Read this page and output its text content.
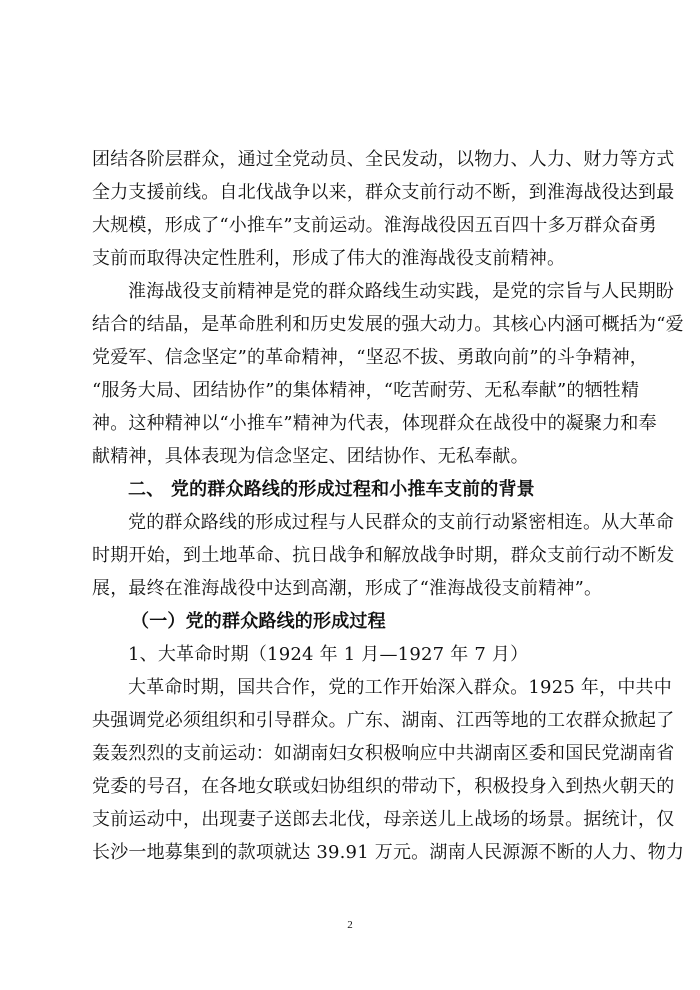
团结各阶层群众，通过全党动员、全民发动，以物力、人力、财力等方式
全力支援前线。自北伐战争以来，群众支前行动不断，到淮海战役达到最
大规模，形成了“小推车”支前运动。淮海战役因五百四十多万群众奋勇
支前而取得决定性胜利，形成了伟大的淮海战役支前精神。
淮海战役支前精神是党的群众路线生动实践，是党的宗旨与人民期盼
结合的结晶，是革命胜利和历史发展的强大动力。其核心内涵可概括为“爱
党爱军、信念坚定”的革命精神，“坚忍不拔、勇敢向前”的斗争精神，
“服务大局、团结协作”的集体精神，“吃苦耐劳、无私奉献”的牺牲精
神。这种精神以“小推车”精神为代表，体现群众在战役中的凝聚力和奉
献精神，具体表现为信念坚定、团结协作、无私奉献。
二、 党的群众路线的形成过程和小推车支前的背景
党的群众路线的形成过程与人民群众的支前行动紧密相连。从大革命
时期开始，到土地革命、抗日战争和解放战争时期，群众支前行动不断发
展，最终在淮海战役中达到高潮，形成了“淮海战役支前精神”。
（一）党的群众路线的形成过程
1、大革命时期（1924 年 1 月—1927 年 7 月）
大革命时期，国共合作，党的工作开始深入群众。1925 年，中共中
央强调党必须组织和引导群众。广东、湖南、江西等地的工农群众掀起了
轰轰烈烈的支前运动：如湖南妇女积极响应中共湖南区委和国民党湖南省
党委的号召，在各地女联或妇协组织的带动下，积极投身入到热火朝天的
支前运动中，出现妻子送郎去北伐，母亲送儿上战场的场景。据统计，仅
长沙一地募集到的款项就达 39.91 万元。湖南人民源源不断的人力、物力
2
